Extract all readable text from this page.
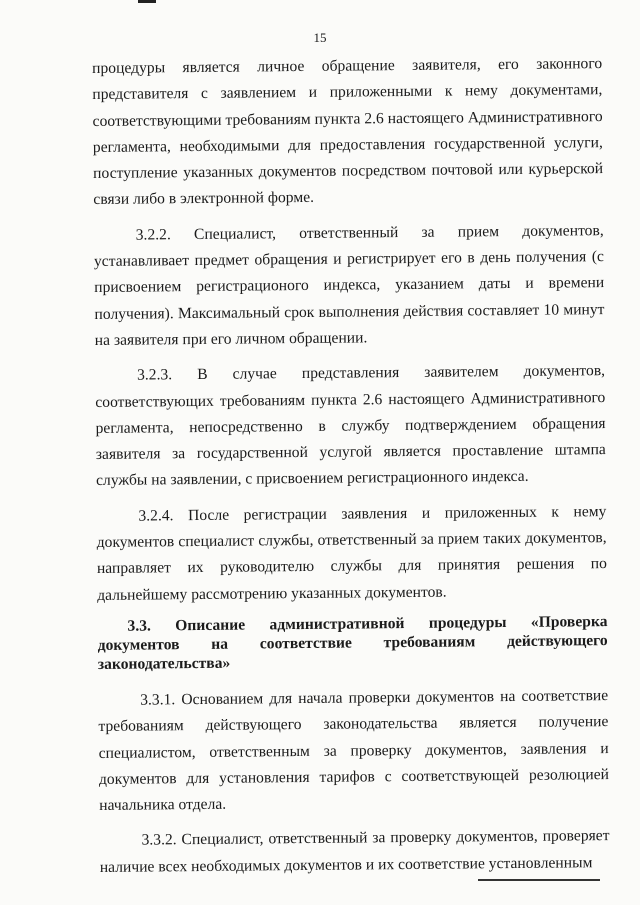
15

процедуры является личное обращение заявителя, его законного представителя с заявлением и приложенными к нему документами, соответствующими требованиям пункта 2.6 настоящего Административного регламента, необходимыми для предоставления государственной услуги, поступление указанных документов посредством почтовой или курьерской связи либо в электронной форме.

3.2.2. Специалист, ответственный за прием документов, устанавливает предмет обращения и регистрирует его в день получения (с присвоением регистрационого индекса, указанием даты и времени получения). Максимальный срок выполнения действия составляет 10 минут на заявителя при его личном обращении.

3.2.3. В случае представления заявителем документов, соответствующих требованиям пункта 2.6 настоящего Административного регламента, непосредственно в службу подтверждением обращения заявителя за государственной услугой является проставление штампа службы на заявлении, с присвоением регистрационного индекса.

3.2.4. После регистрации заявления и приложенных к нему документов специалист службы, ответственный за прием таких документов, направляет их руководителю службы для принятия решения по дальнейшему рассмотрению указанных документов.

3.3. Описание административной процедуры «Проверка документов на соответствие требованиям действующего законодательства»

3.3.1. Основанием для начала проверки документов на соответствие требованиям действующего законодательства является получение специалистом, ответственным за проверку документов, заявления и документов для установления тарифов с соответствующей резолюцией начальника отдела.

3.3.2. Специалист, ответственный за проверку документов, проверяет наличие всех необходимых документов и их соответствие установленным
